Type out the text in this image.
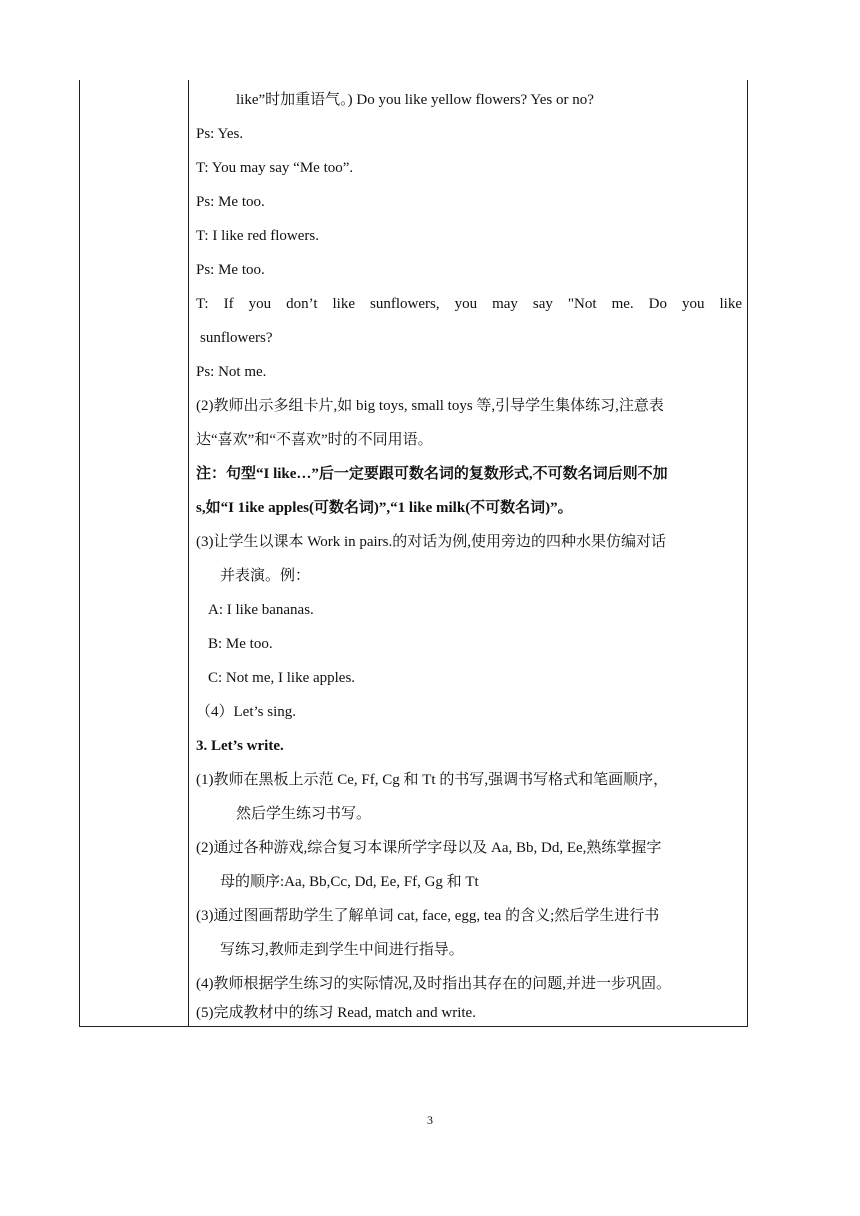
like”时加重语气。) Do you like yellow flowers? Yes or no?
Ps: Yes.
T: You may say “Me too”.
Ps: Me too.
T: I like red flowers.
Ps: Me too.
T: If you don’t like sunflowers, you may say "Not me. Do you like
sunflowers?
Ps: Not me.
(2)教师出示多组卡片,如 big toys, small toys 等,引导学生集体练习,注意表
达“喜欢”和“不喜欢”时的不同用语。
注：句型“I like…”后一定要跟可数名词的复数形式,不可数名词后则不加
s,如“I 1ike apples(可数名词)”,“1 like milk(不可数名词)”。
(3)让学生以课本 Work in pairs.的对话为例,使用旁边的四种水果仿编对话
并表演。例：
A: I like bananas.
B: Me too.
C: Not me, I like apples.
（4）Let’s sing.
3. Let’s write.
(1)教师在黑板上示范 Ce, Ff, Cg 和 Tt 的书写,强调书写格式和笔画顺序，
然后学生练习书写。
(2)通过各种游戏,综合复习本课所学字母以及 Aa, Bb, Dd, Ee,熟练掌握字
母的顺序:Aa, Bb,Cc, Dd, Ee, Ff, Gg 和 Tt
(3)通过图画帮助学生了解单词 cat, face, egg, tea 的含义;然后学生进行书
写练习,教师走到学生中间进行指导。
(4)教师根据学生练习的实际情况,及时指出其存在的问题,并进一步巩固。
(5)完成教材中的练习 Read, match and write.
3
